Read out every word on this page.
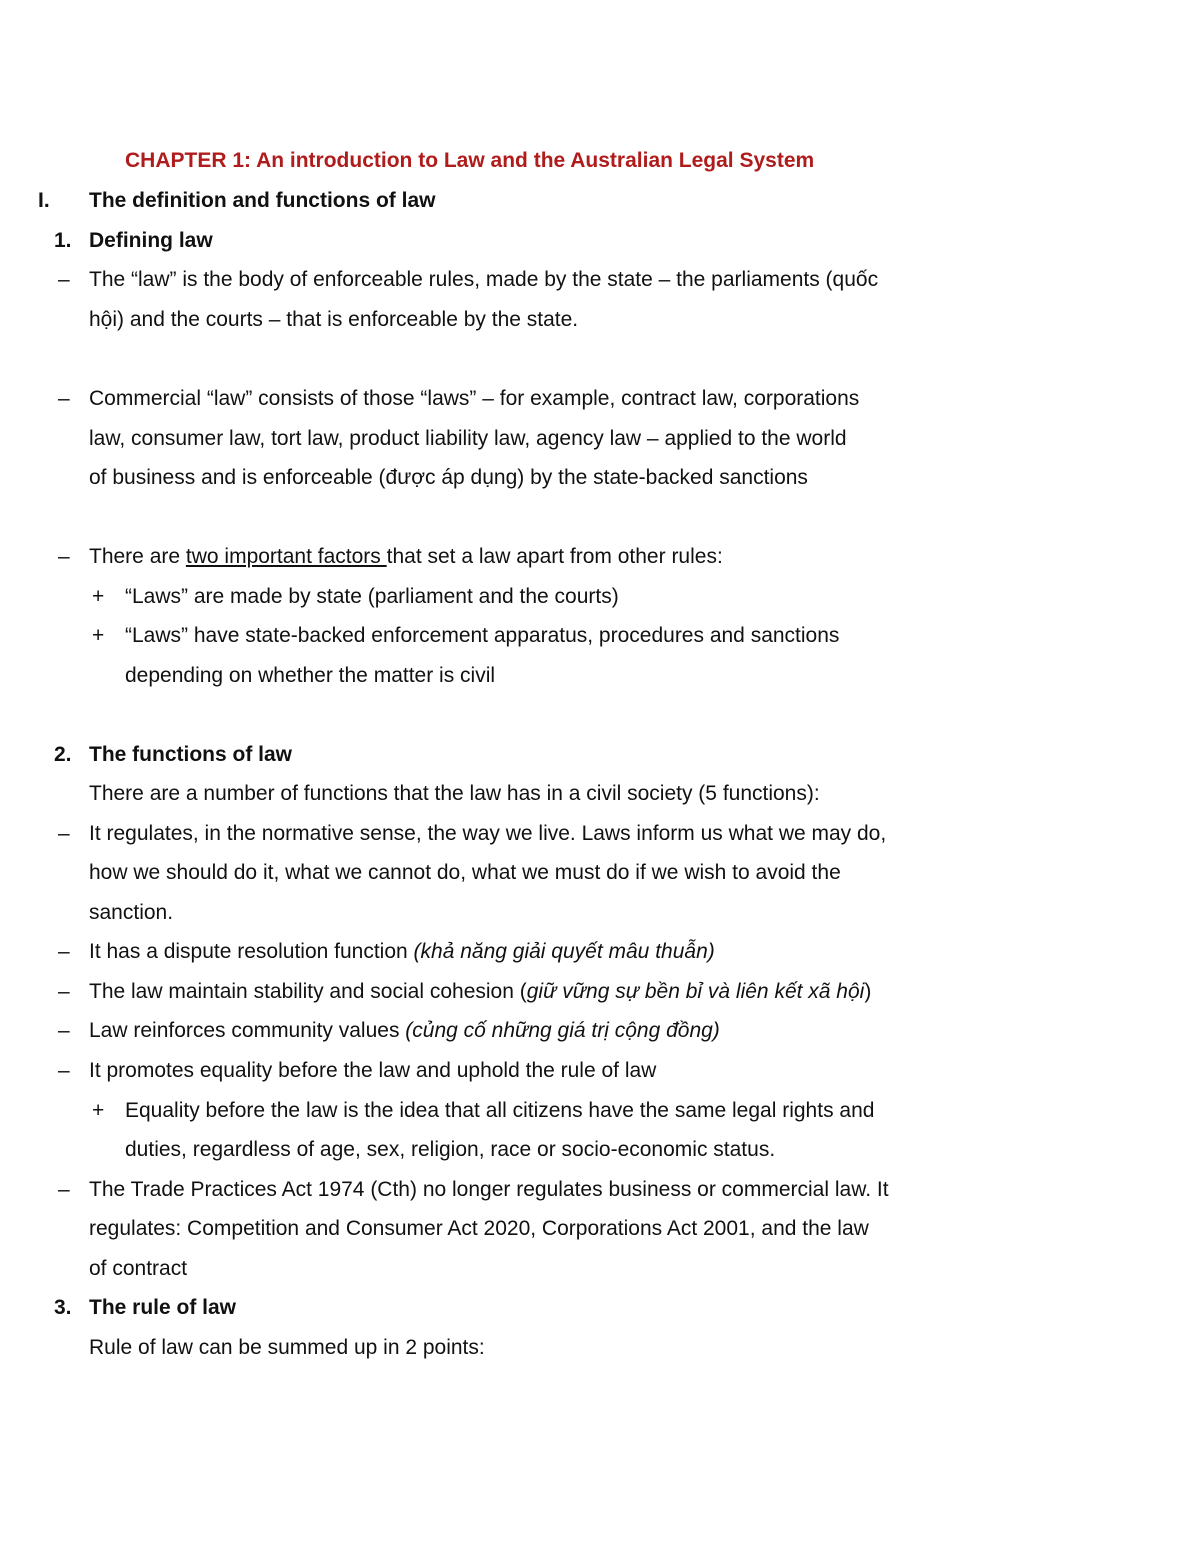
CHAPTER 1: An introduction to Law and the Australian Legal System
I. The definition and functions of law
1. Defining law
– The “law” is the body of enforceable rules, made by the state – the parliaments (quốc
hội) and the courts – that is enforceable by the state.
– Commercial “law” consists of those “laws” – for example, contract law, corporations
law, consumer law, tort law, product liability law, agency law – applied to the world
of business and is enforceable (được áp dụng) by the state-backed sanctions
– There are two important factors that set a law apart from other rules:
+ “Laws” are made by state (parliament and the courts)
+ “Laws” have state-backed enforcement apparatus, procedures and sanctions
depending on whether the matter is civil
2. The functions of law
There are a number of functions that the law has in a civil society (5 functions):
– It regulates, in the normative sense, the way we live. Laws inform us what we may do,
how we should do it, what we cannot do, what we must do if we wish to avoid the
sanction.
– It has a dispute resolution function (khả năng giải quyết mâu thuẫn)
– The law maintain stability and social cohesion (giữ vững sự bền bỉ và liên kết xã hội)
– Law reinforces community values (củng cố những giá trị cộng đồng)
– It promotes equality before the law and uphold the rule of law
+ Equality before the law is the idea that all citizens have the same legal rights and
duties, regardless of age, sex, religion, race or socio-economic status.
– The Trade Practices Act 1974 (Cth) no longer regulates business or commercial law. It
regulates: Competition and Consumer Act 2020, Corporations Act 2001, and the law
of contract
3. The rule of law
Rule of law can be summed up in 2 points:
